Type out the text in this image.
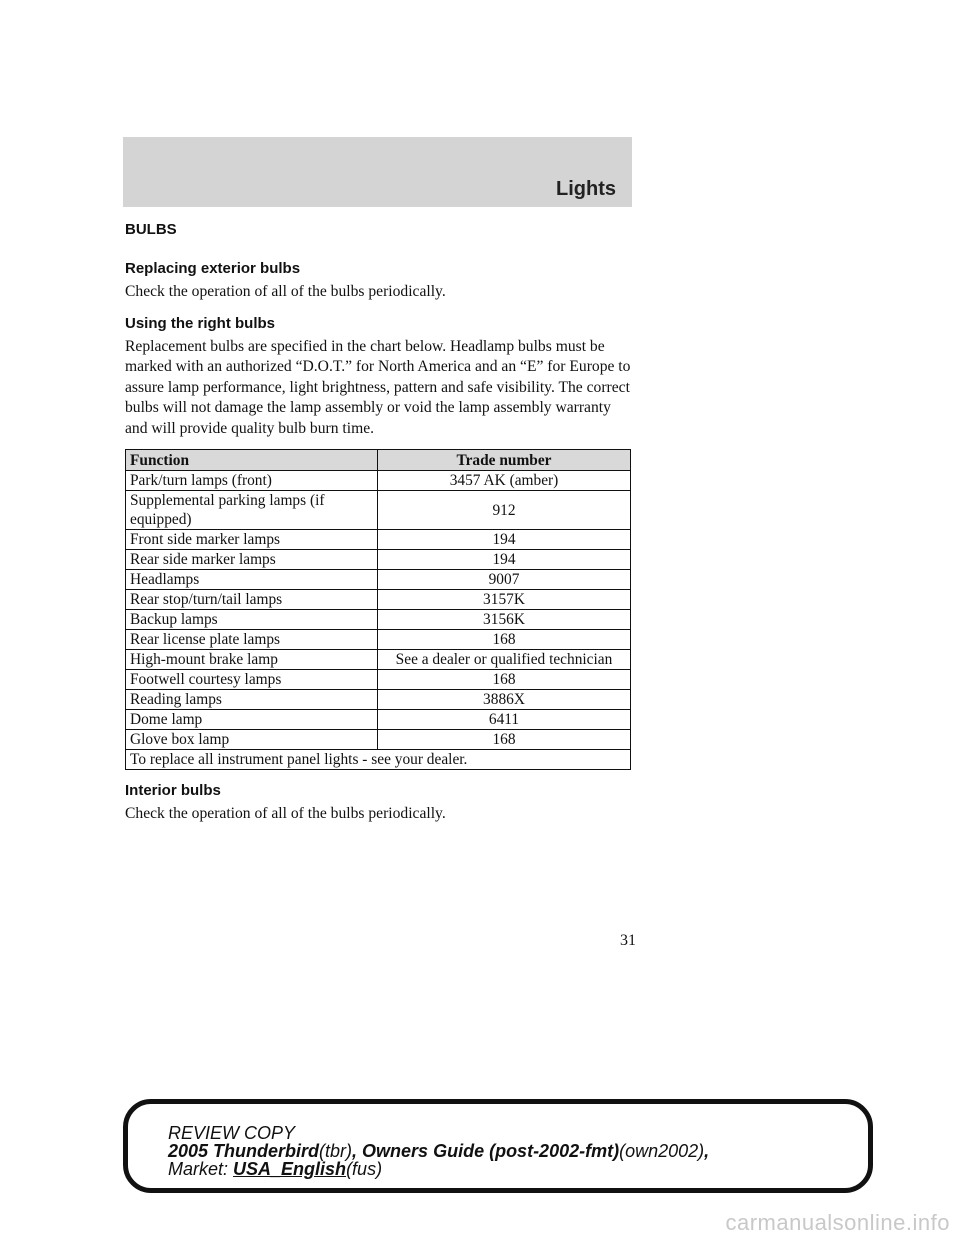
Lights
BULBS
Replacing exterior bulbs

Check the operation of all of the bulbs periodically.

Using the right bulbs

Replacement bulbs are specified in the chart below. Headlamp bulbs must be marked with an authorized “D.O.T.” for North America and an “E” for Europe to assure lamp performance, light brightness, pattern and safe visibility. The correct bulbs will not damage the lamp assembly or void the lamp assembly warranty and will provide quality bulb burn time.

Function	Trade number
Park/turn lamps (front)	3457 AK (amber)
Supplemental parking lamps (if equipped)	912
Front side marker lamps	194
Rear side marker lamps	194
Headlamps	9007
Rear stop/turn/tail lamps	3157K
Backup lamps	3156K
Rear license plate lamps	168
High-mount brake lamp	See a dealer or qualified technician
Footwell courtesy lamps	168
Reading lamps	3886X
Dome lamp	6411
Glove box lamp	168
To replace all instrument panel lights - see your dealer.	
Interior bulbs

Check the operation of all of the bulbs periodically.

31
REVIEW COPY
2005 Thunderbird(tbr), Owners Guide (post-2002-fmt)(own2002),
Market: USA_English(fus)
carmanualsonline.info
